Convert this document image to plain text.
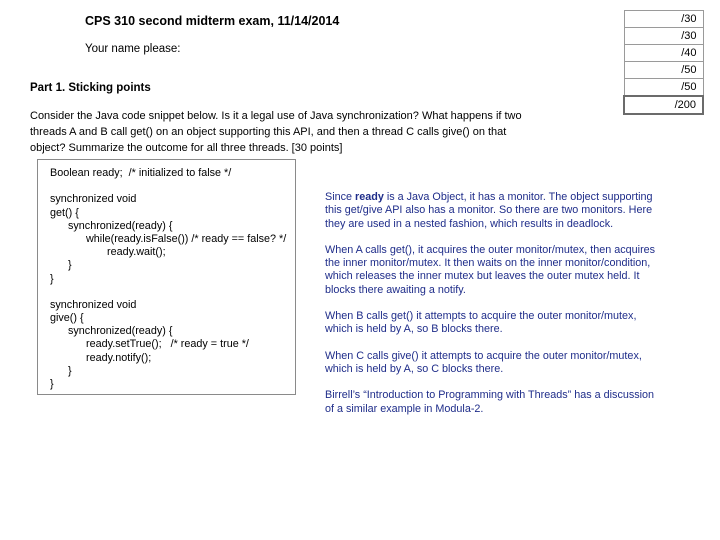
CPS 310 second midterm exam, 11/14/2014
Your name please:
/30
/30
/40
/50
/50
/200
Part 1. Sticking points
Consider the Java code snippet below. Is it a legal use of Java synchronization? What happens if two threads A and B call get() on an object supporting this API, and then a thread C calls give() on that object? Summarize the outcome for all three threads. [30 points]
Boolean ready;  /* initialized to false */
synchronized void
get() {
synchronized(ready) {
while(ready.isFalse()) /* ready == false? */
ready.wait();
}
}
synchronized void
give() {
synchronized(ready) {
ready.setTrue();   /* ready = true */
ready.notify();
}
}

Since ready is a Java Object, it has a monitor. The object supporting this get/give API also has a monitor. So there are two monitors. Here they are used in a nested fashion, which results in deadlock.

When A calls get(), it acquires the outer monitor/mutex, then acquires the inner monitor/mutex. It then waits on the inner monitor/condition, which releases the inner mutex but leaves the outer mutex held. It blocks there awaiting a notify.

When B calls get() it attempts to acquire the outer monitor/mutex, which is held by A, so B blocks there.

When C calls give() it attempts to acquire the outer monitor/mutex, which is held by A, so C blocks there.

Birrell’s “Introduction to Programming with Threads” has a discussion of a similar example in Modula-2.
